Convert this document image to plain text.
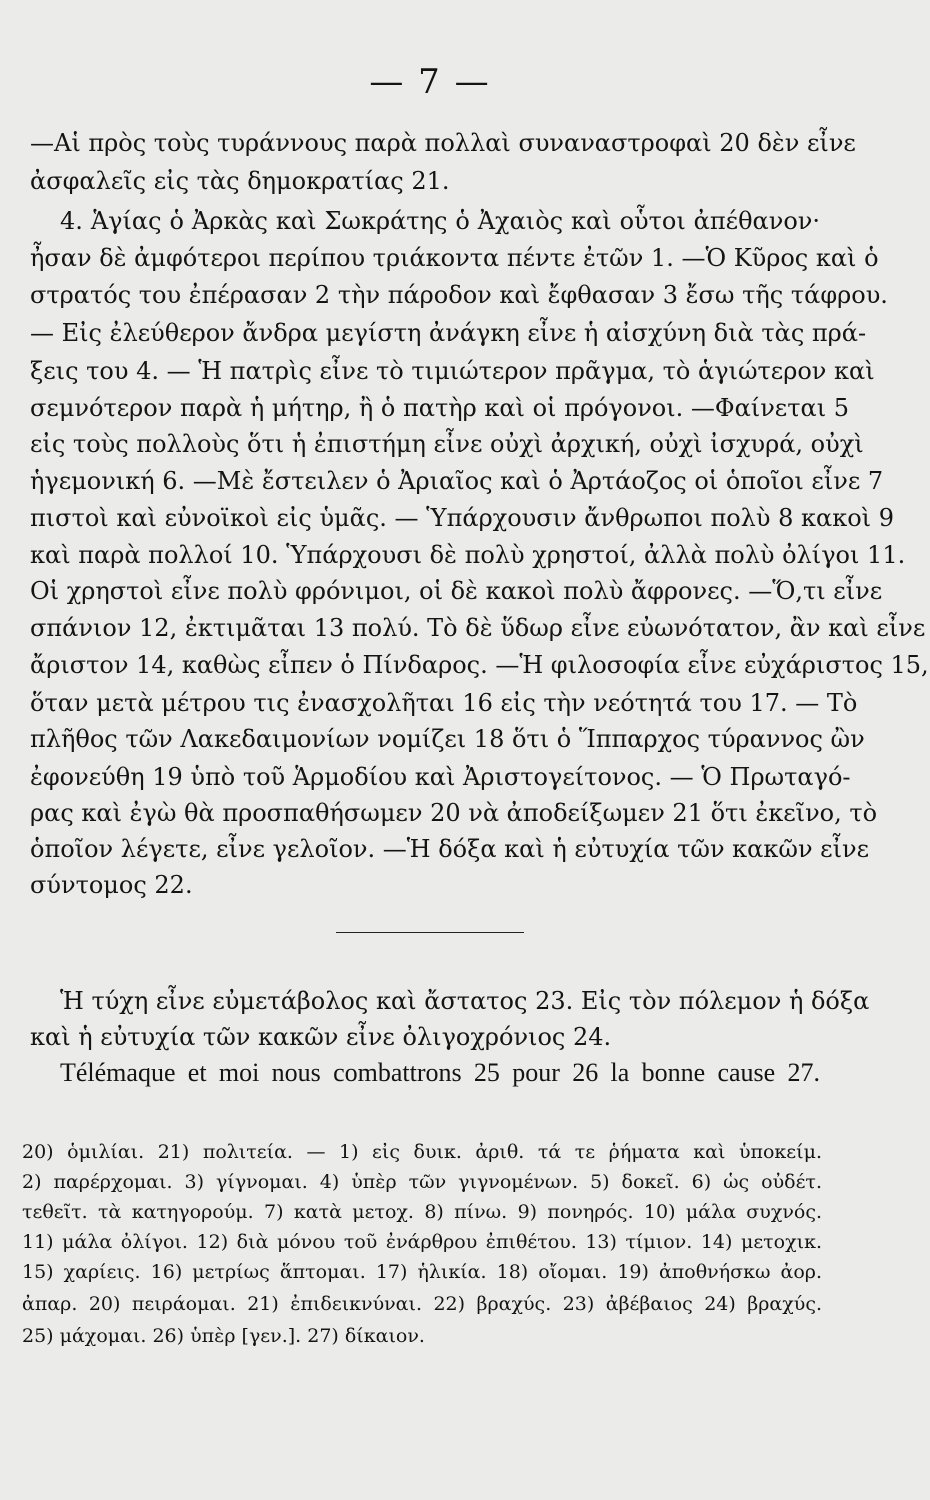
— 7 —
—Αἱ πρὸς τοὺς τυράννους παρὰ πολλαὶ συναναστροφαὶ 20 δὲν εἶνε
ἀσφαλεῖς εἰς τὰς δημοκρατίας 21.
4. Ἁγίας ὁ Ἀρκὰς καὶ Σωκράτης ὁ Ἀχαιὸς καὶ οὗτοι ἀπέθανον·
ἦσαν δὲ ἀμφότεροι περίπου τριάκοντα πέντε ἐτῶν 1. —Ὁ Κῦρος καὶ ὁ
στρατός του ἐπέρασαν 2 τὴν πάροδον καὶ ἔφθασαν 3 ἔσω τῆς τάφρου.
— Εἰς ἐλεύθερον ἄνδρα μεγίστη ἀνάγκη εἶνε ἡ αἰσχύνη διὰ τὰς πρά-
ξεις του 4. — Ἡ πατρὶς εἶνε τὸ τιμιώτερον πρᾶγμα, τὸ ἁγιώτερον καὶ
σεμνότερον παρὰ ἡ μήτηρ, ἢ ὁ πατὴρ καὶ οἱ πρόγονοι. —Φαίνεται 5
εἰς τοὺς πολλοὺς ὅτι ἡ ἐπιστήμη εἶνε οὐχὶ ἀρχική, οὐχὶ ἰσχυρά, οὐχὶ
ἡγεμονική 6. —Μὲ ἔστειλεν ὁ Ἀριαῖος καὶ ὁ Ἀρτάοζος οἱ ὁποῖοι εἶνε 7
πιστοὶ καὶ εὐνοϊκοὶ εἰς ὑμᾶς. — Ὑπάρχουσιν ἄνθρωποι πολὺ 8 κακοὶ 9
καὶ παρὰ πολλοί 10. Ὑπάρχουσι δὲ πολὺ χρηστοί, ἀλλὰ πολὺ ὀλίγοι 11.
Οἱ χρηστοὶ εἶνε πολὺ φρόνιμοι, οἱ δὲ κακοὶ πολὺ ἄφρονες. —Ὅ,τι εἶνε
σπάνιον 12, ἐκτιμᾶται 13 πολύ. Τὸ δὲ ὕδωρ εἶνε εὐωνότατον, ἂν καὶ εἶνε
ἄριστον 14, καθὼς εἶπεν ὁ Πίνδαρος. —Ἡ φιλοσοφία εἶνε εὐχάριστος 15,
ὅταν μετὰ μέτρου τις ἐνασχολῆται 16 εἰς τὴν νεότητά του 17. — Τὸ
πλῆθος τῶν Λακεδαιμονίων νομίζει 18 ὅτι ὁ Ἵππαρχος τύραννος ὢν
ἐφονεύθη 19 ὑπὸ τοῦ Ἁρμοδίου καὶ Ἀριστογείτονος. — Ὁ Πρωταγό-
ρας καὶ ἐγὼ θὰ προσπαθήσωμεν 20 νὰ ἀποδείξωμεν 21 ὅτι ἐκεῖνο, τὸ
ὁποῖον λέγετε, εἶνε γελοῖον. —Ἡ δόξα καὶ ἡ εὐτυχία τῶν κακῶν εἶνε
σύντομος 22.
Ἡ τύχη εἶνε εὐμετάβολος καὶ ἄστατος 23. Εἰς τὸν πόλεμον ἡ δόξα
καὶ ἡ εὐτυχία τῶν κακῶν εἶνε ὀλιγοχρόνιος 24.
Télémaque et moi nous combattrons 25 pour 26 la bonne cause 27.
20) ὁμιλίαι. 21) πολιτεία. — 1) εἰς δυικ. ἀριθ. τά τε ῥήματα καὶ ὑποκείμ.
2) παρέρχομαι. 3) γίγνομαι. 4) ὑπὲρ τῶν γιγνομένων. 5) δοκεῖ. 6) ὡς οὐδέτ.
τεθεῖτ. τὰ κατηγορούμ. 7) κατὰ μετοχ. 8) πίνω. 9) πονηρός. 10) μάλα συχνός.
11) μάλα ὀλίγοι. 12) διὰ μόνου τοῦ ἐνάρθρου ἐπιθέτου. 13) τίμιον. 14) μετοχικ.
15) χαρίεις. 16) μετρίως ἅπτομαι. 17) ἡλικία. 18) οἴομαι. 19) ἀποθνήσκω ἀορ.
ἀπαρ. 20) πειράομαι. 21) ἐπιδεικνύναι. 22) βραχύς. 23) ἀβέβαιος 24) βραχύς.
25) μάχομαι. 26) ὑπὲρ [γεν.]. 27) δίκαιον.
